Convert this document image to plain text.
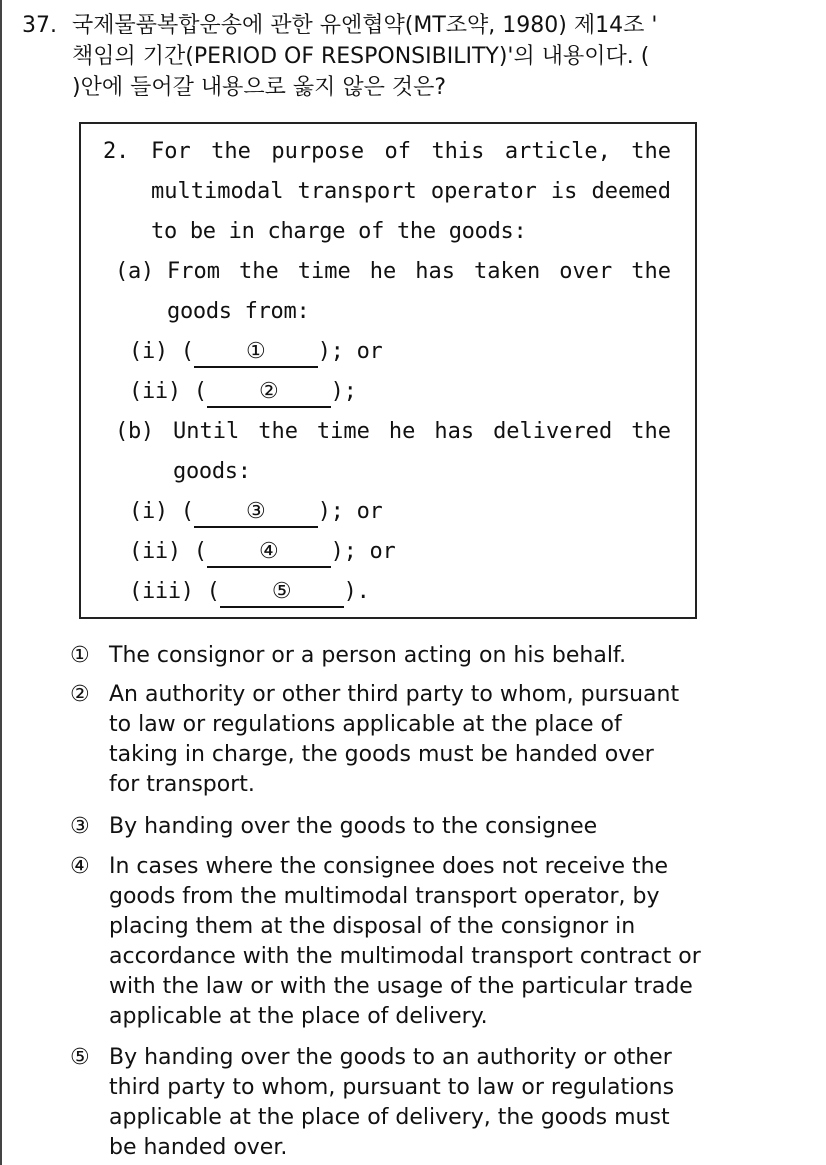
37. 국제물품복합운송에 관한 유엔협약(MT조약, 1980) 제14조 '
책임의 기간(PERIOD OF RESPONSIBILITY)'의 내용이다. (
)안에 들어갈 내용으로 옳지 않은 것은?
2. For the purpose of this article, the
multimodal transport operator is deemed
to be in charge of the goods:
(a) From the time he has taken over the
goods from:
(i) ( ① ); or
(ii) ( ② );
(b) Until the time he has delivered the
goods:
(i) ( ③ ); or
(ii) ( ④ ); or
(iii) ( ⑤ ).
① The consignor or a person acting on his behalf.
② An authority or other third party to whom, pursuant
to law or regulations applicable at the place of
taking in charge, the goods must be handed over
for transport.
③ By handing over the goods to the consignee
④ In cases where the consignee does not receive the
goods from the multimodal transport operator, by
placing them at the disposal of the consignor in
accordance with the multimodal transport contract or
with the law or with the usage of the particular trade
applicable at the place of delivery.
⑤ By handing over the goods to an authority or other
third party to whom, pursuant to law or regulations
applicable at the place of delivery, the goods must
be handed over.
